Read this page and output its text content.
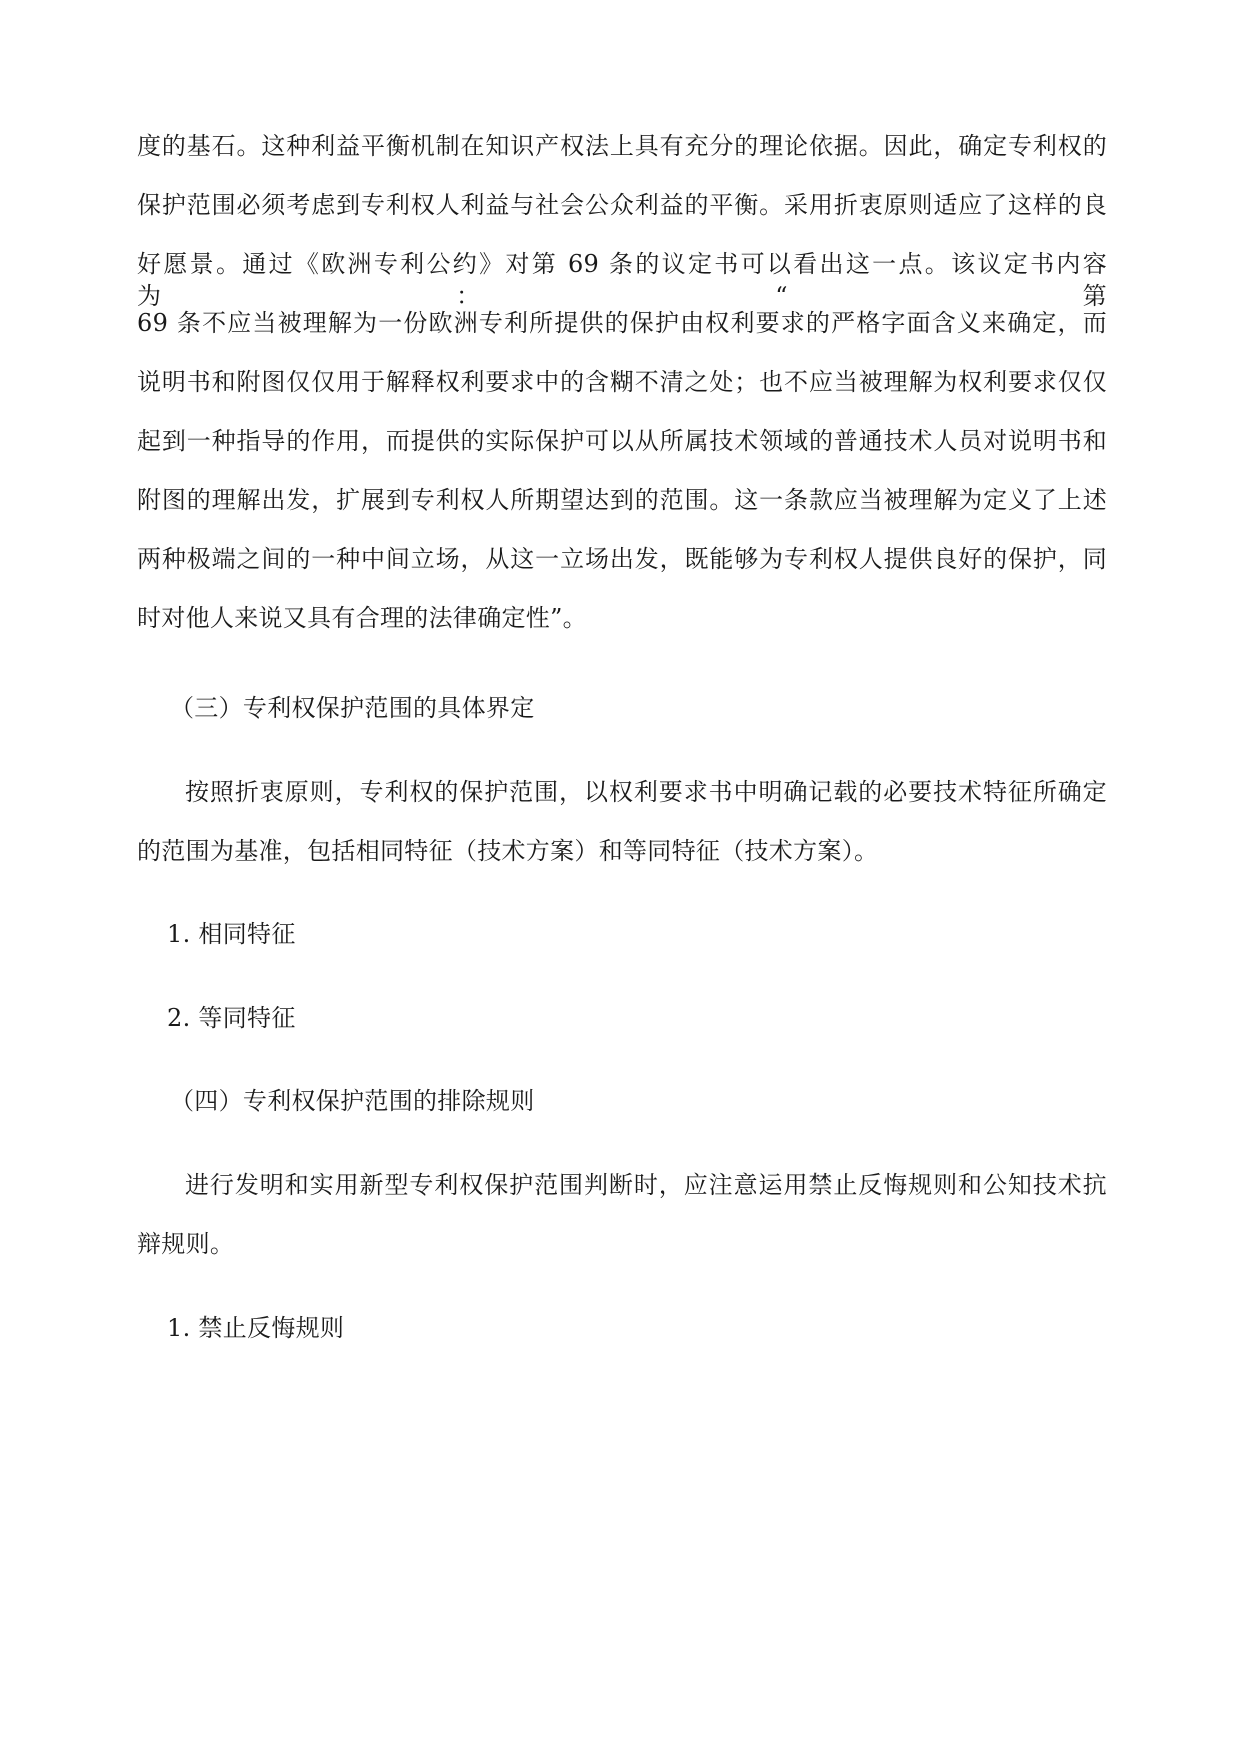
度的基石。这种利益平衡机制在知识产权法上具有充分的理论依据。因此，确定专利权的
保护范围必须考虑到专利权人利益与社会公众利益的平衡。采用折衷原则适应了这样的良
好愿景。通过《欧洲专利公约》对第 69 条的议定书可以看出这一点。该议定书内容为：“第
69 条不应当被理解为一份欧洲专利所提供的保护由权利要求的严格字面含义来确定，而
说明书和附图仅仅用于解释权利要求中的含糊不清之处；也不应当被理解为权利要求仅仅
起到一种指导的作用，而提供的实际保护可以从所属技术领域的普通技术人员对说明书和
附图的理解出发，扩展到专利权人所期望达到的范围。这一条款应当被理解为定义了上述
两种极端之间的一种中间立场，从这一立场出发，既能够为专利权人提供良好的保护，同
时对他人来说又具有合理的法律确定性”。
（三）专利权保护范围的具体界定
按照折衷原则，专利权的保护范围，以权利要求书中明确记载的必要技术特征所确定
的范围为基准，包括相同特征（技术方案）和等同特征（技术方案）。
1. 相同特征
2. 等同特征
（四）专利权保护范围的排除规则
进行发明和实用新型专利权保护范围判断时，应注意运用禁止反悔规则和公知技术抗
辩规则。
1. 禁止反悔规则
